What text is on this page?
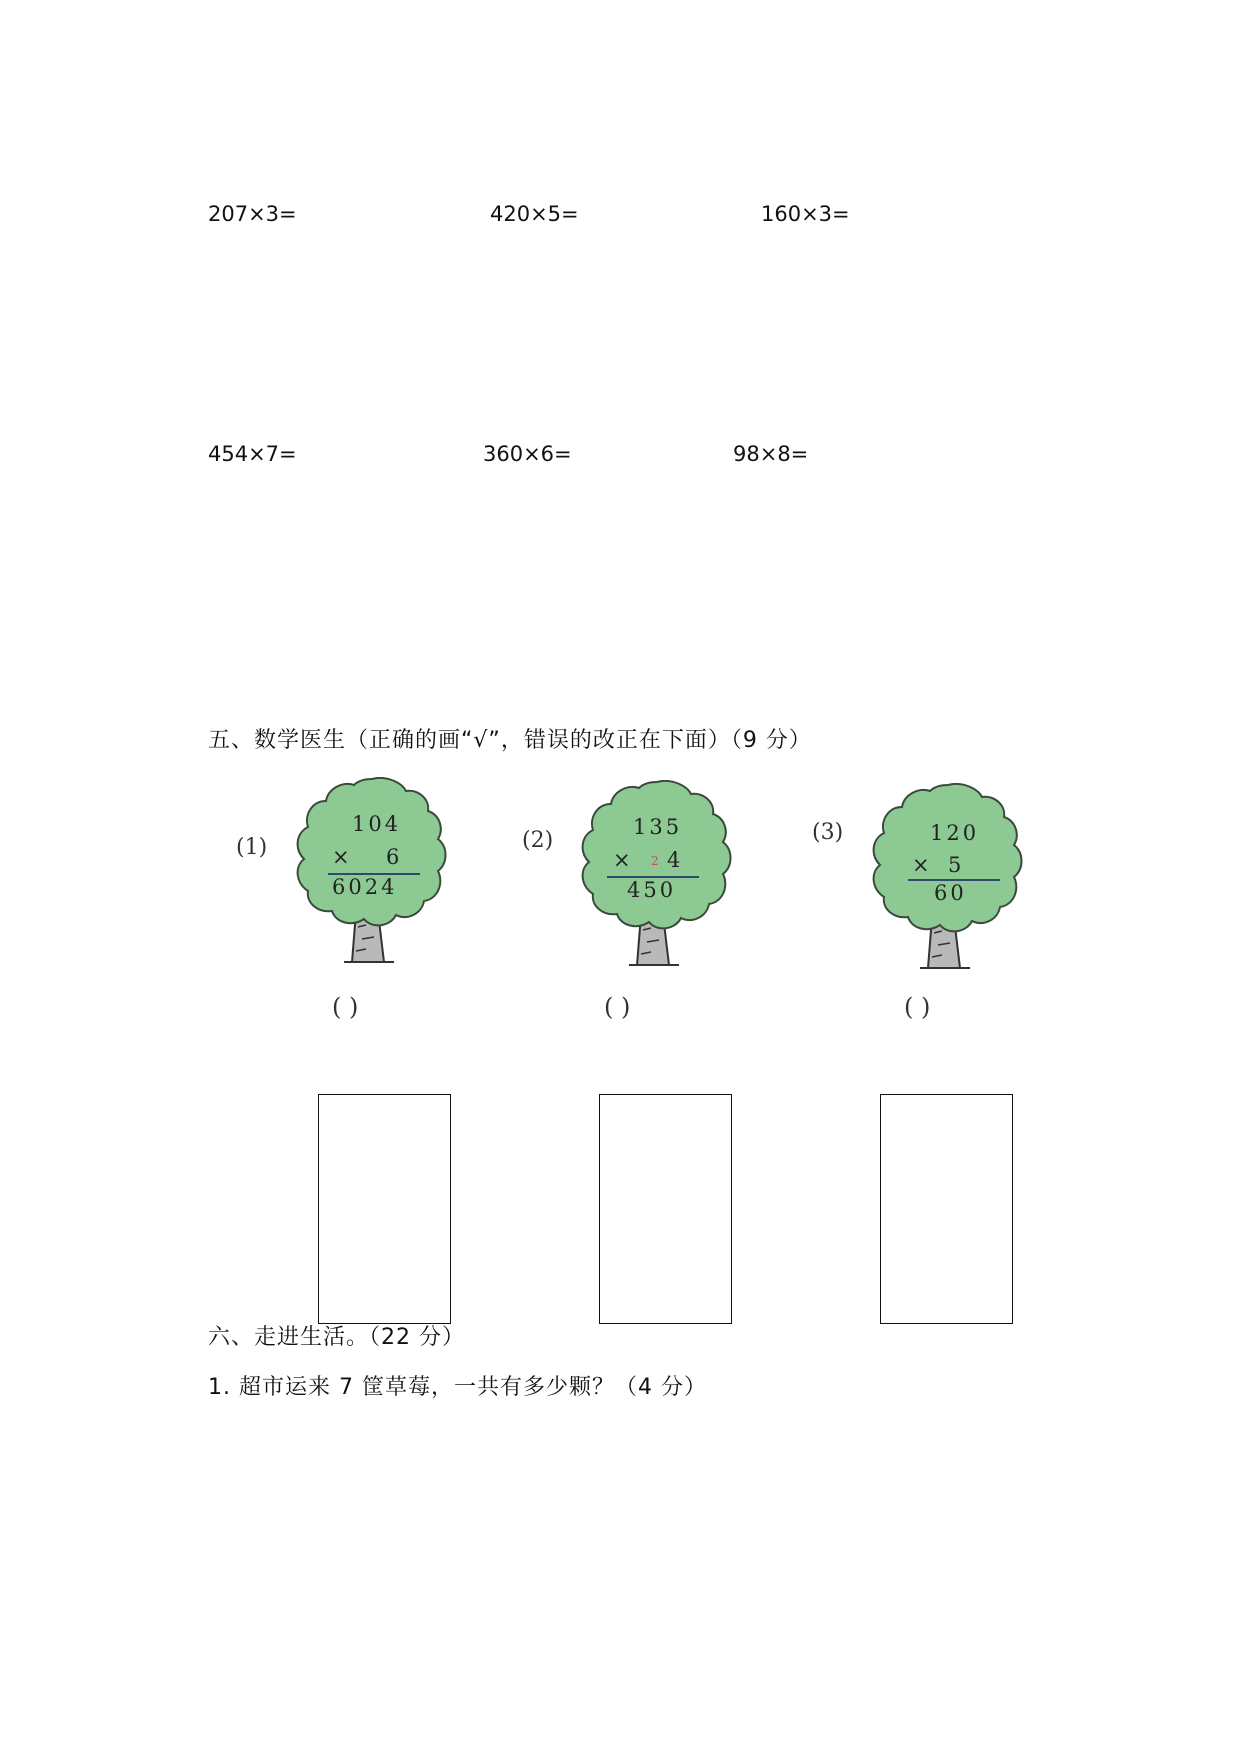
207×3=	420×5=	160×3=
454×7=	360×6=	98×8=
五、数学医生（正确的画“√”，错误的改正在下面）（9 分）
(1)
104
× 6
6024
( )
(2)
135
× 2 4
450
( )
(3)	120
× 5
60
( )
六、走进生活。（22 分）
1. 超市运来 7 筐草莓，一共有多少颗？（4 分）
